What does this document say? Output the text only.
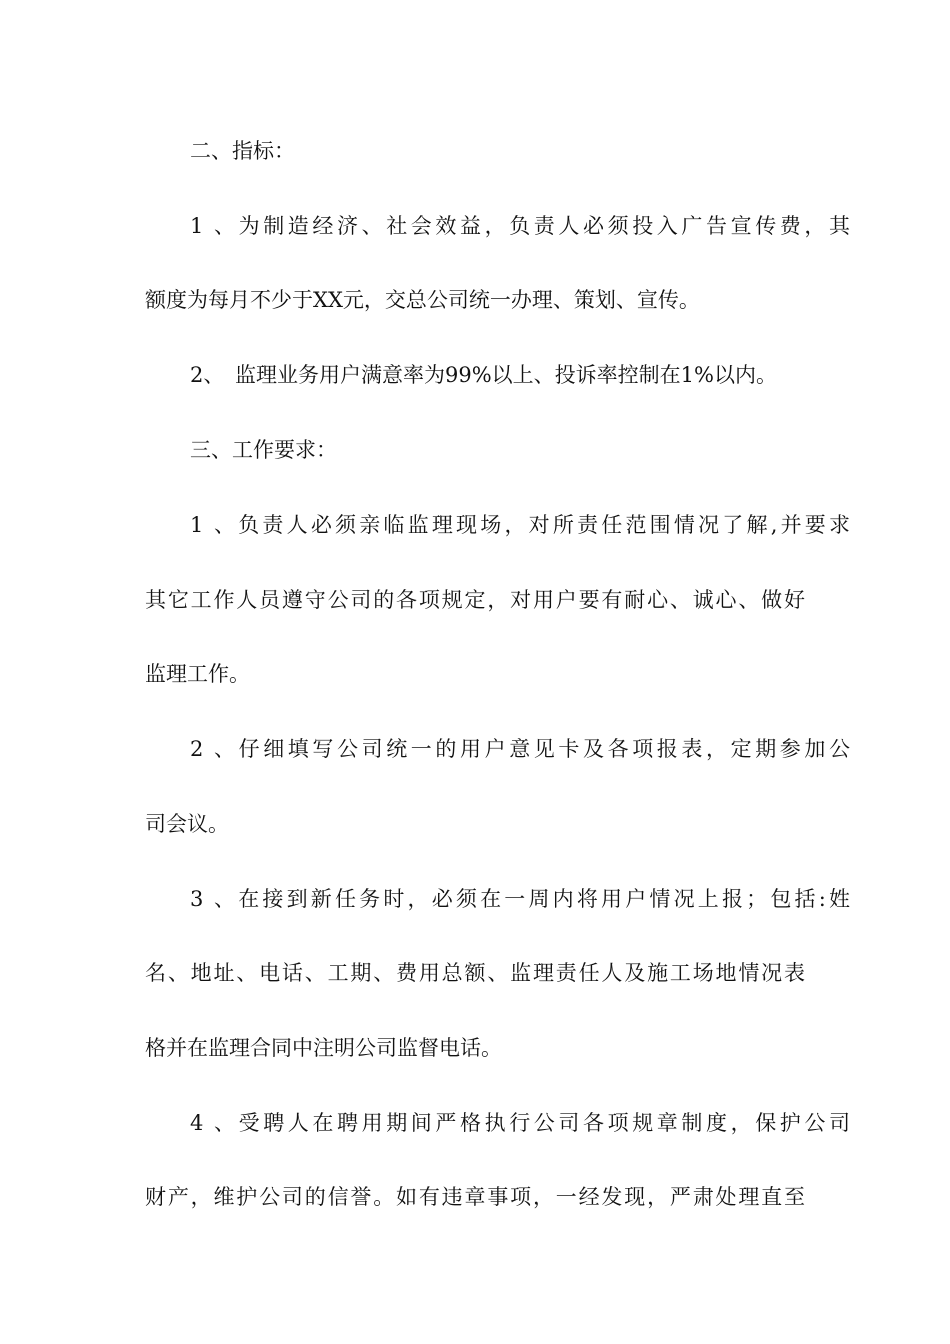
二、指标：
1、为制造经济、社会效益，负责人必须投入广告宣传费，其
额度为每月不少于XX元，交总公司统一办理、策划、宣传。
2、 监理业务用户满意率为99%以上、投诉率控制在1%以内。
三、工作要求：
1、负责人必须亲临监理现场，对所责任范围情况了解,并要求
其它工作人员遵守公司的各项规定，对用户要有耐心、诚心、做好
监理工作。
2、仔细填写公司统一的用户意见卡及各项报表，定期参加公
司会议。
3、在接到新任务时，必须在一周内将用户情况上报；包括:姓
名、地址、电话、工期、费用总额、监理责任人及施工场地情况表
格并在监理合同中注明公司监督电话。
4、受聘人在聘用期间严格执行公司各项规章制度，保护公司
财产，维护公司的信誉。如有违章事项，一经发现，严肃处理直至
